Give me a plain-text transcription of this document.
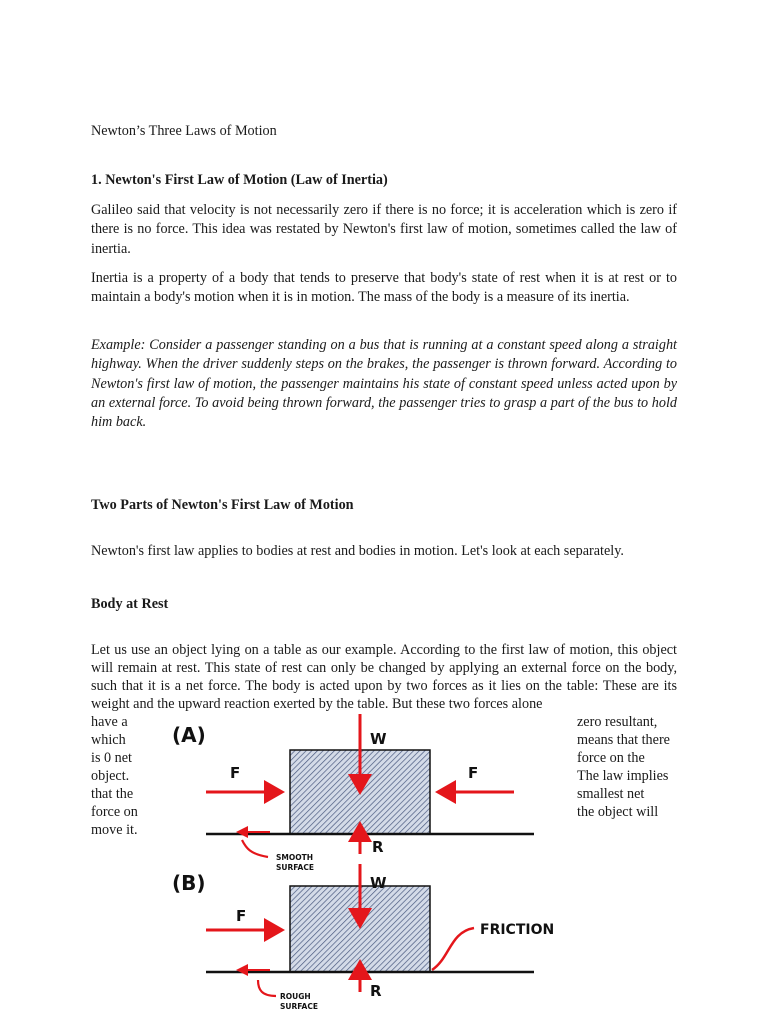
Newton’s Three Laws of Motion
1. Newton's First Law of Motion (Law of Inertia)
Galileo said that velocity is not necessarily zero if there is no force; it is acceleration which is zero if there is no force. This idea was restated by Newton's first law of motion, sometimes called the law of inertia.
Inertia is a property of a body that tends to preserve that body's state of rest when it is at rest or to maintain a body's motion when it is in motion. The mass of the body is a measure of its inertia.
Example: Consider a passenger standing on a bus that is running at a constant speed along a straight highway. When the driver suddenly steps on the brakes, the passenger is thrown forward. According to Newton's first law of motion, the passenger maintains his state of constant speed unless acted upon by an external force. To avoid being thrown forward, the passenger tries to grasp a part of the bus to hold him back.
Two Parts of Newton's First Law of Motion
Newton's first law applies to bodies at rest and bodies in motion. Let's look at each separately.
Body at Rest
Let us use an object lying on a table as our example. According to the first law of motion, this object will remain at rest. This state of rest can only be changed by applying an external force on the body, such that it is a net force. The body is acted upon by two forces as it lies on the table: These are its weight and the upward reaction exerted by the table. But these two forces alone
have a
which
is 0 net
object.
that the
force on
move it.
zero resultant,
means that there
force on the
The law implies
smallest net
the object will
(A)	W
R
F	F
SMOOTH
SURFACE
(B)	W
R
F
FRICTION
ROUGH
SURFACE
